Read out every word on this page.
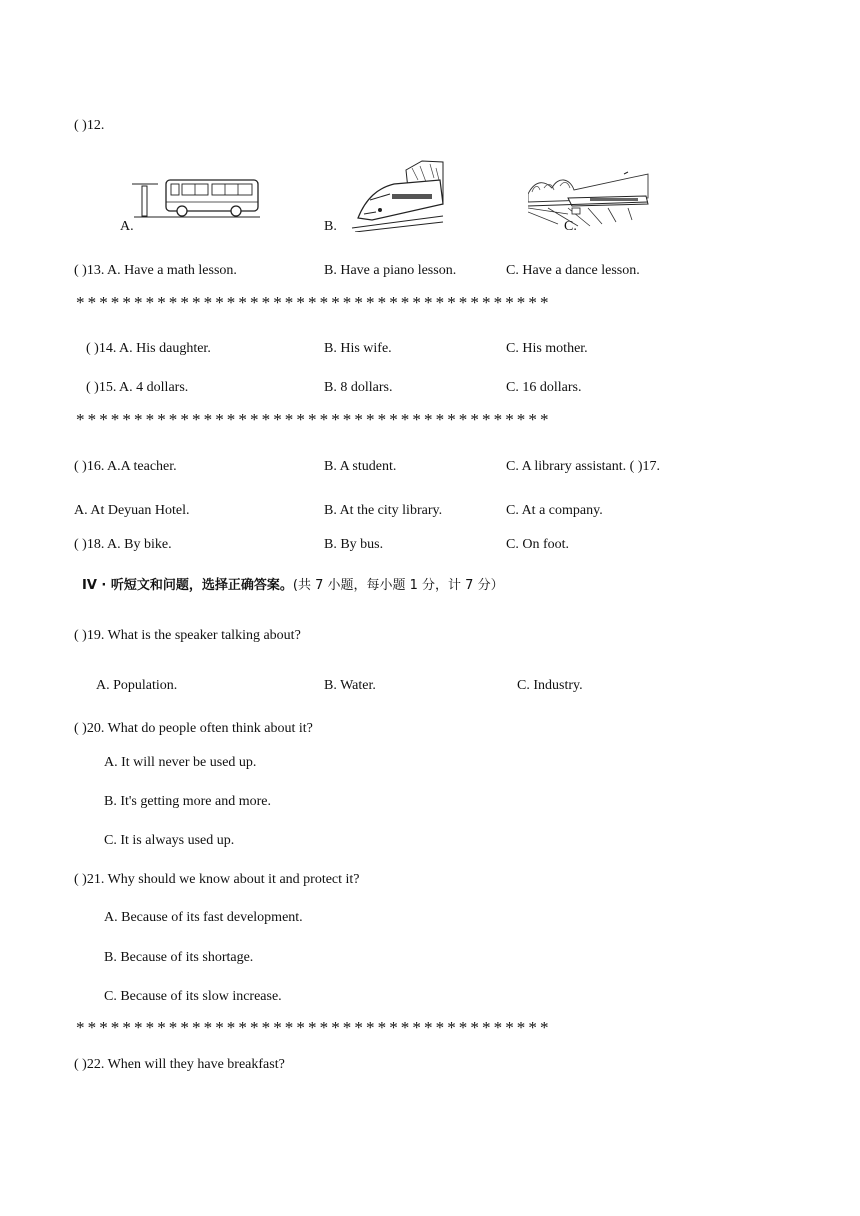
( )12.
A.	B.	C.
( )13. A. Have a math lesson.	B. Have a piano lesson.	C. Have a dance lesson.
*****************************************
( )14. A. His daughter.	B. His wife.	C. His mother.
( )15. A. 4 dollars.	B. 8 dollars.	C. 16 dollars.
*****************************************
( )16. A.A teacher.	B. A student.	C. A library assistant. ( )17.
A. At Deyuan Hotel.	B. At the city library.	C. At a company.
( )18. A. By bike.	B. By bus.	C. On foot.
IV · 听短文和问题，选择正确答案。(共 7 小题，每小题 1 分，计 7 分）
( )19. What is the speaker talking about?
A. Population.	B. Water.	C. Industry.
( )20. What do people often think about it?
A. It will never be used up.
B. It's getting more and more.
C. It is always used up.
( )21. Why should we know about it and protect it?
A. Because of its fast development.
B. Because of its shortage.
C. Because of its slow increase.
*****************************************
( )22. When will they have breakfast?
